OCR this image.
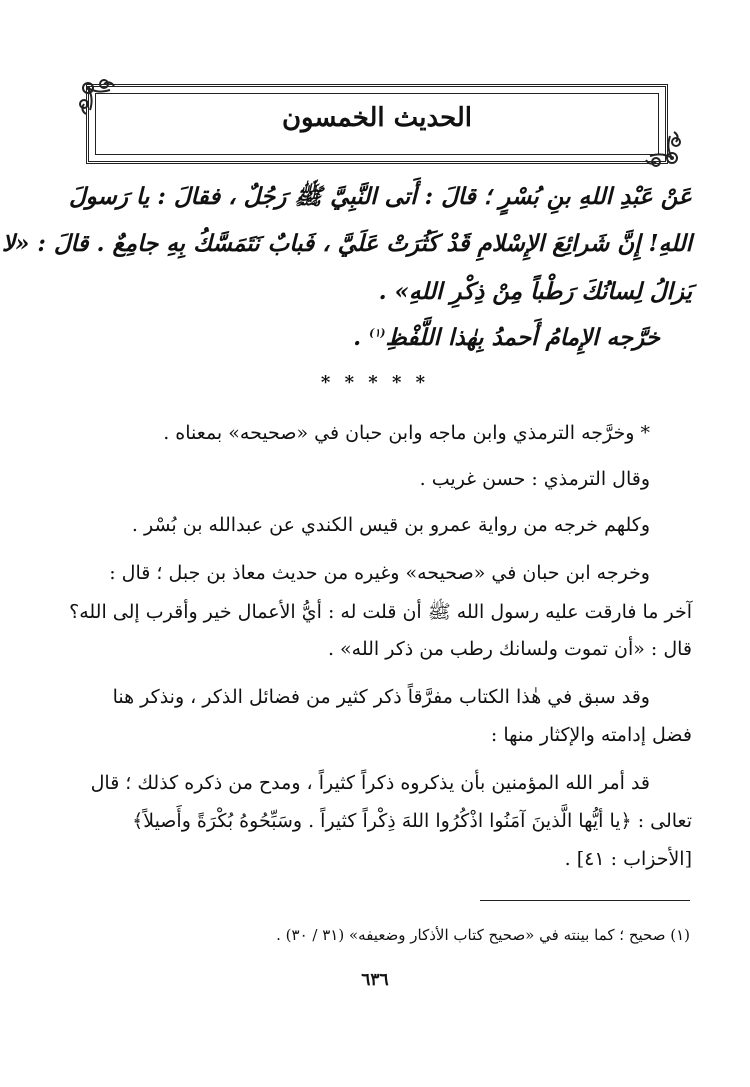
الحديث الخمسون
عَنْ عَبْدِ اللهِ بنِ بُسْرٍ ؛ قالَ : أَتى النَّبِيَّ ﷺ رَجُلٌ ، فقالَ : يا رَسولَ
اللهِ! إِنَّ شَرائِعَ الإِسْلامِ قَدْ كَثُرَتْ عَلَيَّ ، فَبابٌ نَتَمَسَّكُ بِهِ جامِعٌ . قالَ : «لا
يَزالُ لِسانُكَ رَطْباً مِنْ ذِكْرِ اللهِ» .
خرَّجه الإِمامُ أَحمدُ بِهٰذا اللَّفْظِ$^{(١)}$ .
* * * * *
* وخرَّجه الترمذي وابن ماجه وابن حبان في «صحيحه» بمعناه .
وقال الترمذي : حسن غريب .
وكلهم خرجه من رواية عمرو بن قيس الكندي عن عبدالله بن بُسْر .
وخرجه ابن حبان في «صحيحه» وغيره من حديث معاذ بن جبل ؛ قال :
آخر ما فارقت عليه رسول الله ﷺ أن قلت له : أيُّ الأعمال خير وأقرب إلى الله؟
قال : «أن تموت ولسانك رطب من ذكر الله» .
وقد سبق في هٰذا الكتاب مفرَّقاً ذكر كثير من فضائل الذكر ، ونذكر هنا
فضل إدامته والإكثار منها :
قد أمر الله المؤمنين بأن يذكروه ذكراً كثيراً ، ومدح من ذكره كذلك ؛ قال
تعالى : ﴿يا أيُّها الَّذينَ آمَنُوا اذْكُرُوا اللهَ ذِكْراً كثيراً . وسَبِّحُوهُ بُكْرَةً وأَصيلاً﴾
[الأحزاب : ٤١] .
(١) صحيح ؛ كما بينته في «صحيح كتاب الأذكار وضعيفه» (٣١ / ٣٠) .
٦٣٦
